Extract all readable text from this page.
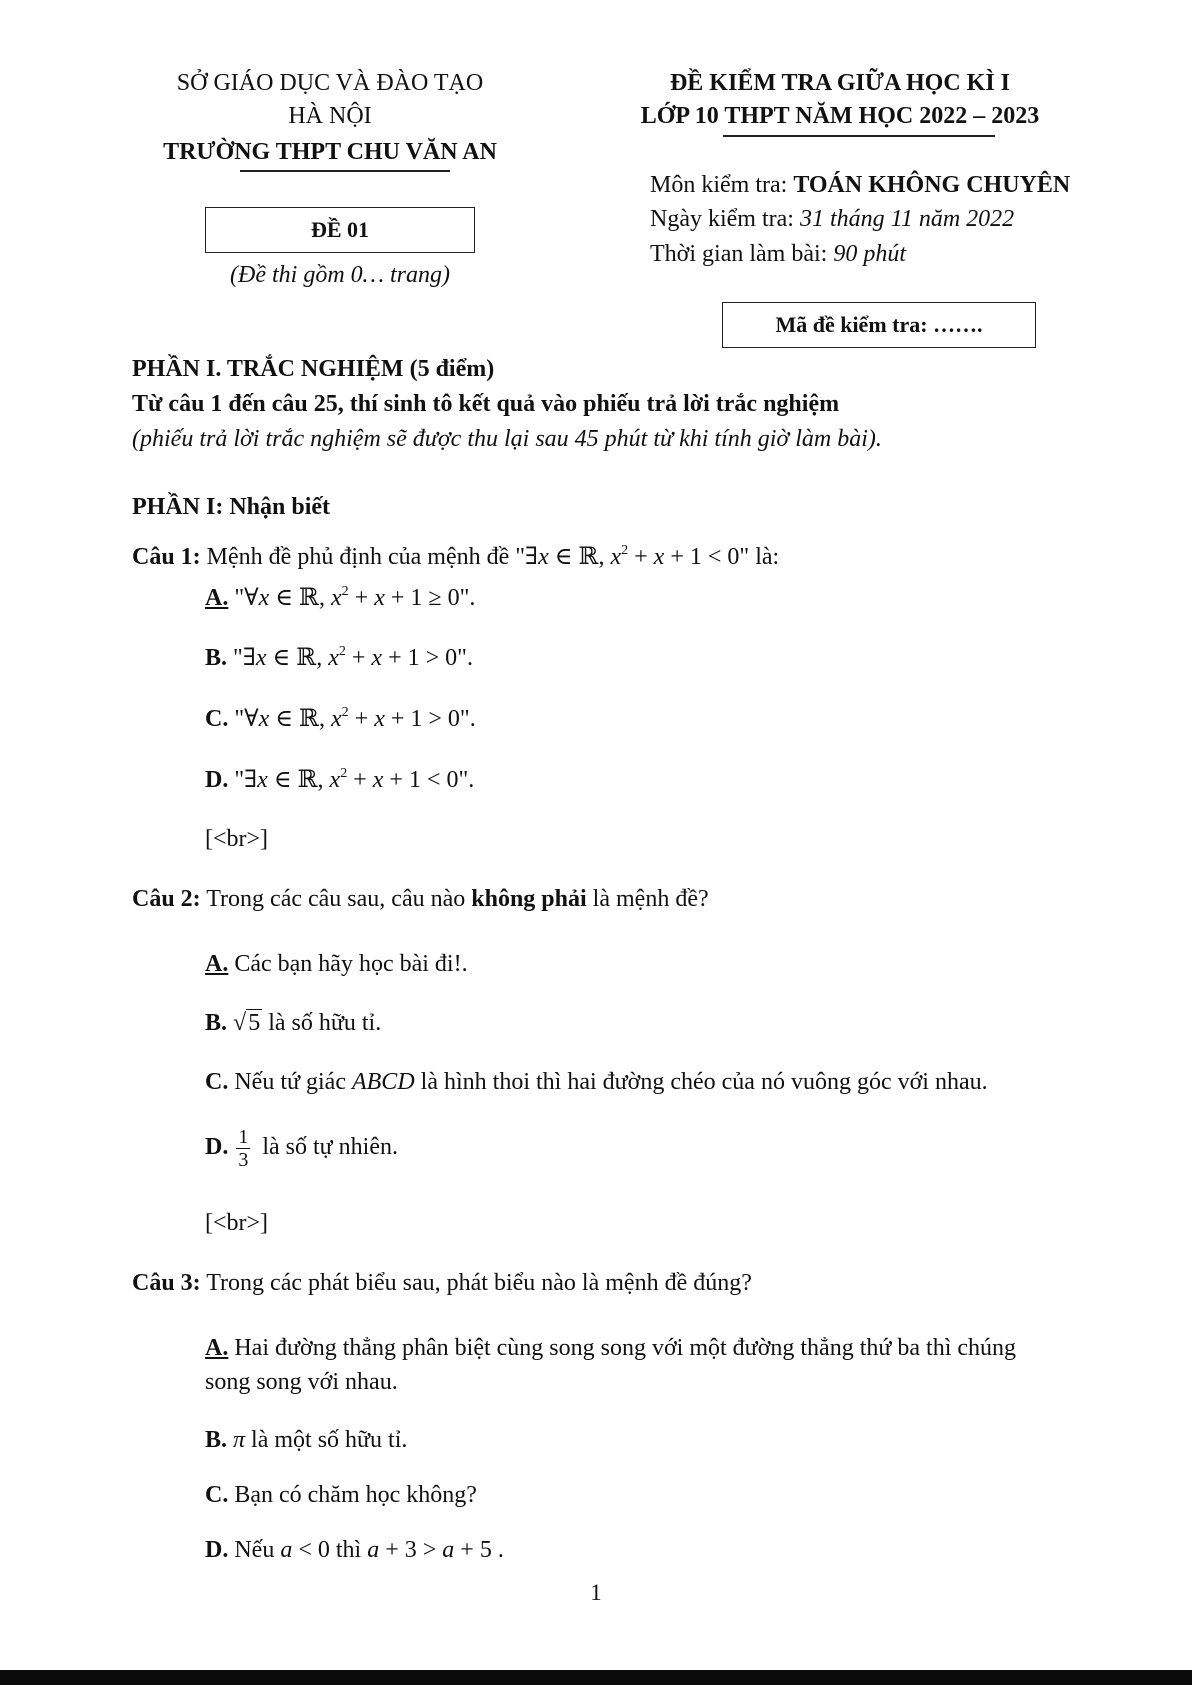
SỞ GIÁO DỤC VÀ ĐÀO TẠO
HÀ NỘI
TRƯỜNG THPT CHU VĂN AN
ĐỀ KIỂM TRA GIỮA HỌC KÌ I
LỚP 10 THPT NĂM HỌC 2022 – 2023
ĐỀ 01
(Đề thi gồm 0… trang)
Môn kiểm tra: TOÁN KHÔNG CHUYÊN
Ngày kiểm tra: 31 tháng 11 năm 2022
Thời gian làm bài: 90 phút
Mã đề kiểm tra: …….
PHẦN I. TRẮC NGHIỆM (5 điểm)
Từ câu 1 đến câu 25, thí sinh tô kết quả vào phiếu trả lời trắc nghiệm
(phiếu trả lời trắc nghiệm sẽ được thu lại sau 45 phút từ khi tính giờ làm bài).
PHẦN I: Nhận biết
Câu 1: Mệnh đề phủ định của mệnh đề "∃x ∈ ℝ, $x^2 + x + 1 < 0$" là:
A. "∀x ∈ ℝ, $x^2 + x + 1 \ge 0$".
B. "∃x ∈ ℝ, $x^2 + x + 1 > 0$".
C. "∀x ∈ ℝ, $x^2 + x + 1 > 0$".
D. "∃x ∈ ℝ, $x^2 + x + 1 < 0$".
[<br>]
Câu 2: Trong các câu sau, câu nào không phải là mệnh đề?
A. Các bạn hãy học bài đi!.
B. √5 là số hữu tỉ.
C. Nếu tứ giác ABCD là hình thoi thì hai đường chéo của nó vuông góc với nhau.
D. $\frac{1}{3}$ là số tự nhiên.
[<br>]
Câu 3: Trong các phát biểu sau, phát biểu nào là mệnh đề đúng?
A. Hai đường thẳng phân biệt cùng song song với một đường thẳng thứ ba thì chúng
song song với nhau.
B. π là một số hữu tỉ.
C. Bạn có chăm học không?
D. Nếu a < 0 thì a + 3 > a + 5 .
1
